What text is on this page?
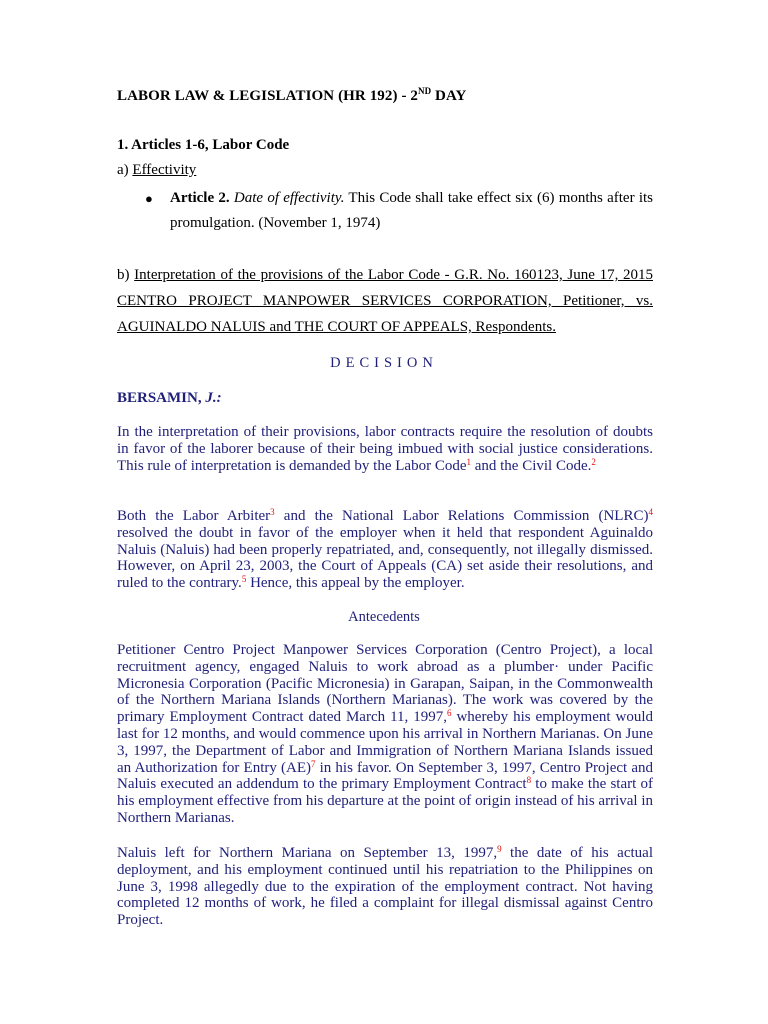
LABOR LAW & LEGISLATION (HR 192) - 2ND DAY
1. Articles 1-6, Labor Code
a) Effectivity
● Article 2. Date of effectivity. This Code shall take effect six (6) months after its promulgation. (November 1, 1974)
b) Interpretation of the provisions of the Labor Code - G.R. No. 160123, June 17, 2015 CENTRO PROJECT MANPOWER SERVICES CORPORATION, Petitioner, vs. AGUINALDO NALUIS and THE COURT OF APPEALS, Respondents.
DECISION
BERSAMIN, J.:
In the interpretation of their provisions, labor contracts require the resolution of doubts in favor of the laborer because of their being imbued with social justice considerations. This rule of interpretation is demanded by the Labor Code$^1$ and the Civil Code.$^2$
Both the Labor Arbiter$^3$ and the National Labor Relations Commission (NLRC)$^4$ resolved the doubt in favor of the employer when it held that respondent Aguinaldo Naluis (Naluis) had been properly repatriated, and, consequently, not illegally dismissed. However, on April 23, 2003, the Court of Appeals (CA) set aside their resolutions, and ruled to the contrary.$^5$ Hence, this appeal by the employer.
Antecedents
Petitioner Centro Project Manpower Services Corporation (Centro Project), a local recruitment agency, engaged Naluis to work abroad as a plumber· under Pacific Micronesia Corporation (Pacific Micronesia) in Garapan, Saipan, in the Commonwealth of the Northern Mariana Islands (Northern Marianas). The work was covered by the primary Employment Contract dated March 11, 1997,$^6$ whereby his employment would last for 12 months, and would commence upon his arrival in Northern Marianas. On June 3, 1997, the Department of Labor and Immigration of Northern Mariana Islands issued an Authorization for Entry (AE)$^7$ in his favor. On September 3, 1997, Centro Project and Naluis executed an addendum to the primary Employment Contract$^8$ to make the start of his employment effective from his departure at the point of origin instead of his arrival in Northern Marianas.
Naluis left for Northern Mariana on September 13, 1997,$^9$ the date of his actual deployment, and his employment continued until his repatriation to the Philippines on June 3, 1998 allegedly due to the expiration of the employment contract. Not having completed 12 months of work, he filed a complaint for illegal dismissal against Centro Project.
